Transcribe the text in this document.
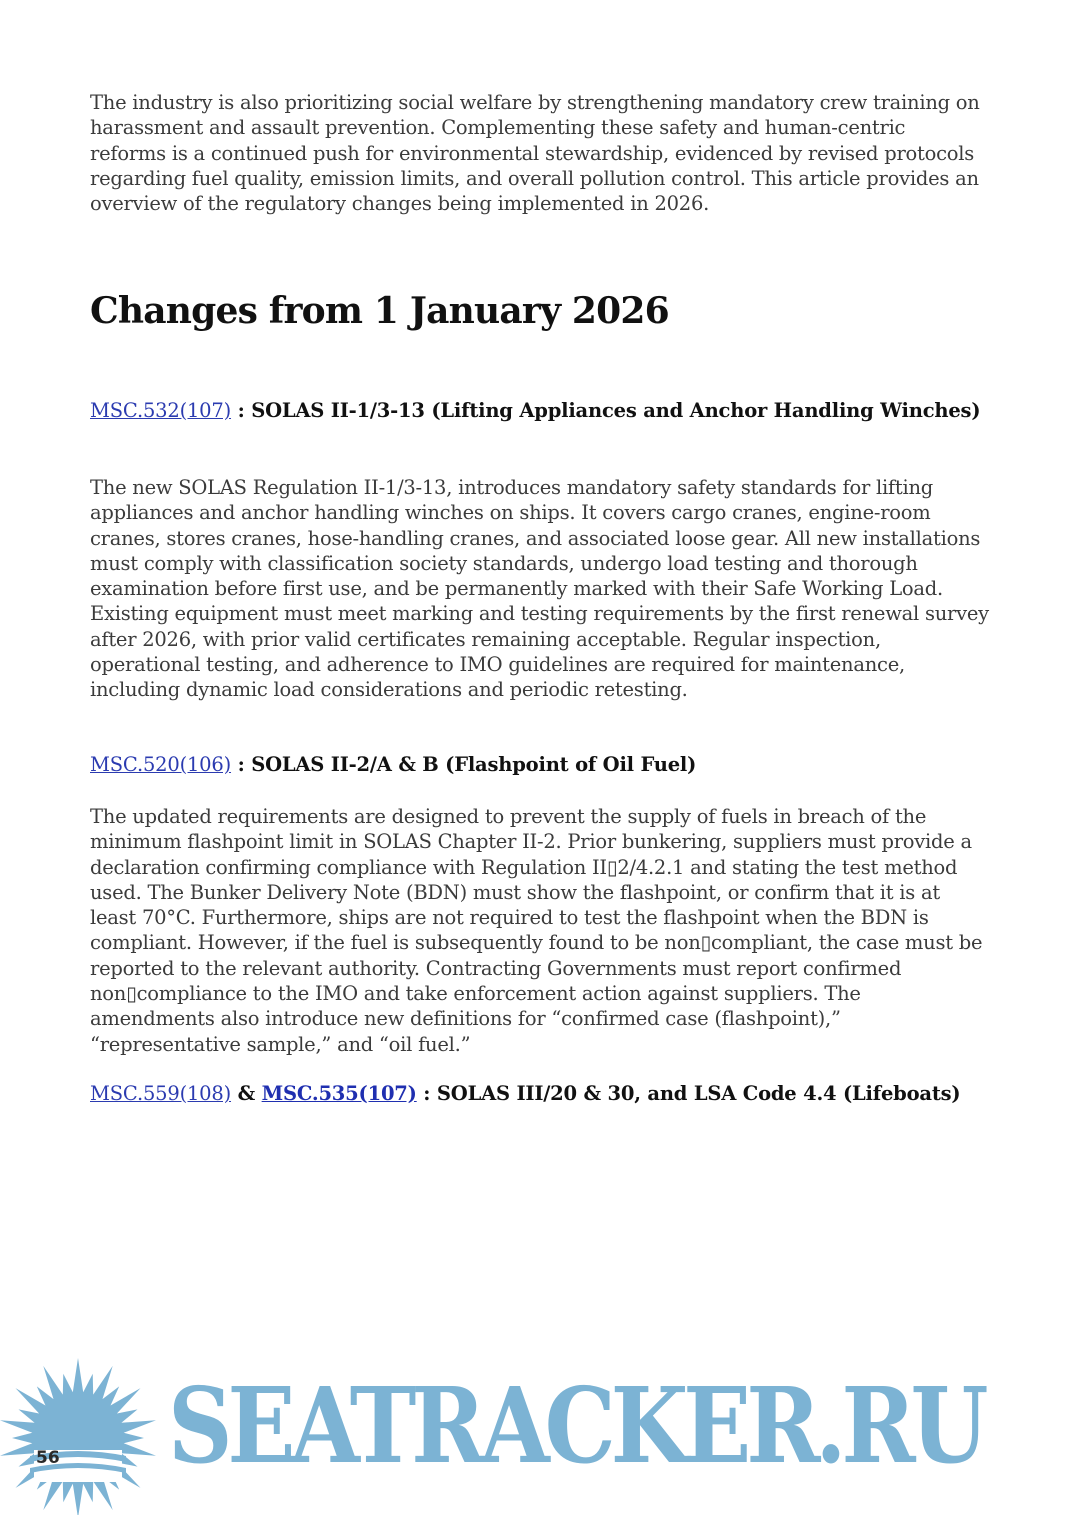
The industry is also prioritizing social welfare by strengthening mandatory crew training on harassment and assault prevention. Complementing these safety and human-centric reforms is a continued push for environmental stewardship, evidenced by revised protocols regarding fuel quality, emission limits, and overall pollution control. This article provides an overview of the regulatory changes being implemented in 2026.

Changes from 1 January 2026

MSC.532(107) : SOLAS II-1/3-13 (Lifting Appliances and Anchor Handling Winches)

The new SOLAS Regulation II-1/3-13, introduces mandatory safety standards for lifting appliances and anchor handling winches on ships. It covers cargo cranes, engine-room cranes, stores cranes, hose-handling cranes, and associated loose gear. All new installations must comply with classification society standards, undergo load testing and thorough examination before first use, and be permanently marked with their Safe Working Load. Existing equipment must meet marking and testing requirements by the first renewal survey after 2026, with prior valid certificates remaining acceptable. Regular inspection, operational testing, and adherence to IMO guidelines are required for maintenance, including dynamic load considerations and periodic retesting.

MSC.520(106) : SOLAS II-2/A & B (Flashpoint of Oil Fuel)

The updated requirements are designed to prevent the supply of fuels in breach of the minimum flashpoint limit in SOLAS Chapter II-2. Prior bunkering, suppliers must provide a declaration confirming compliance with Regulation II▯2/4.2.1 and stating the test method used. The Bunker Delivery Note (BDN) must show the flashpoint, or confirm that it is at least 70°C. Furthermore, ships are not required to test the flashpoint when the BDN is compliant. However, if the fuel is subsequently found to be non▯compliant, the case must be reported to the relevant authority. Contracting Governments must report confirmed non▯compliance to the IMO and take enforcement action against suppliers. The amendments also introduce new definitions for “confirmed case (flashpoint),” “representative sample,” and “oil fuel.”

MSC.559(108) & MSC.535(107) : SOLAS III/20 & 30, and LSA Code 4.4 (Lifeboats)

56 SEATRACKER.RU
